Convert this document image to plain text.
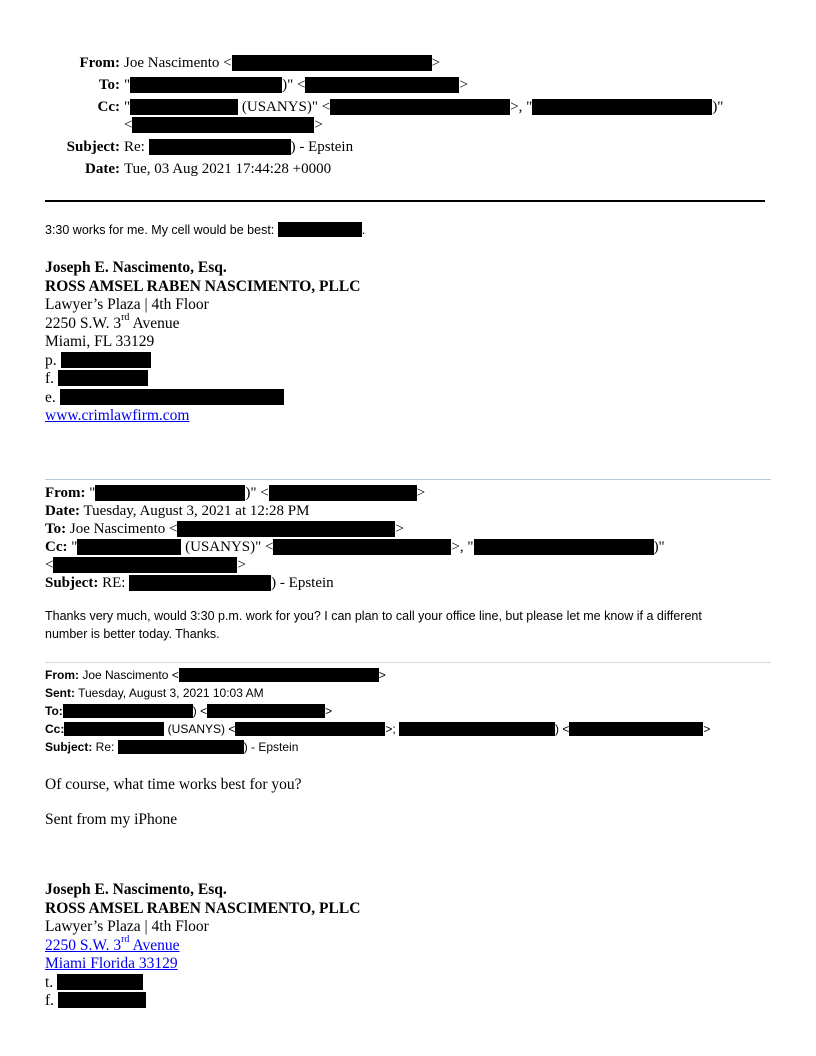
From: Joe Nascimento <	>
To: "	)" <	>
Cc: "	(USANYS)" <	>, "	)"
<	>
Subject: Re:	) - Epstein
Date: Tue, 03 Aug 2021 17:44:28 +0000
3:30 works for me. My cell would be best:	.
Joseph E. Nascimento, Esq.
ROSS AMSEL RABEN NASCIMENTO, PLLC
Lawyer’s Plaza | 4th Floor
2250 S.W. 3rd Avenue
Miami, FL 33129
p.
f.
e.
www.crimlawfirm.com
From: "	)" <	>
Date: Tuesday, August 3, 2021 at 12:28 PM
To: Joe Nascimento <	>
Cc: "	(USANYS)" <	>, "	)"
<	>
Subject: RE:	) - Epstein
Thanks very much, would 3:30 p.m. work for you? I can plan to call your office line, but please let me know if a different
number is better today. Thanks.
From: Joe Nascimento <	>
Sent: Tuesday, August 3, 2021 10:03 AM
To:	) <	>
Cc:	(USANYS) <	>;	) <	>
Subject: Re:	) - Epstein
Of course, what time works best for you?
Sent from my iPhone
Joseph E. Nascimento, Esq.
ROSS AMSEL RABEN NASCIMENTO, PLLC
Lawyer’s Plaza | 4th Floor
2250 S.W. 3rd Avenue
Miami Florida 33129
t.
f.
